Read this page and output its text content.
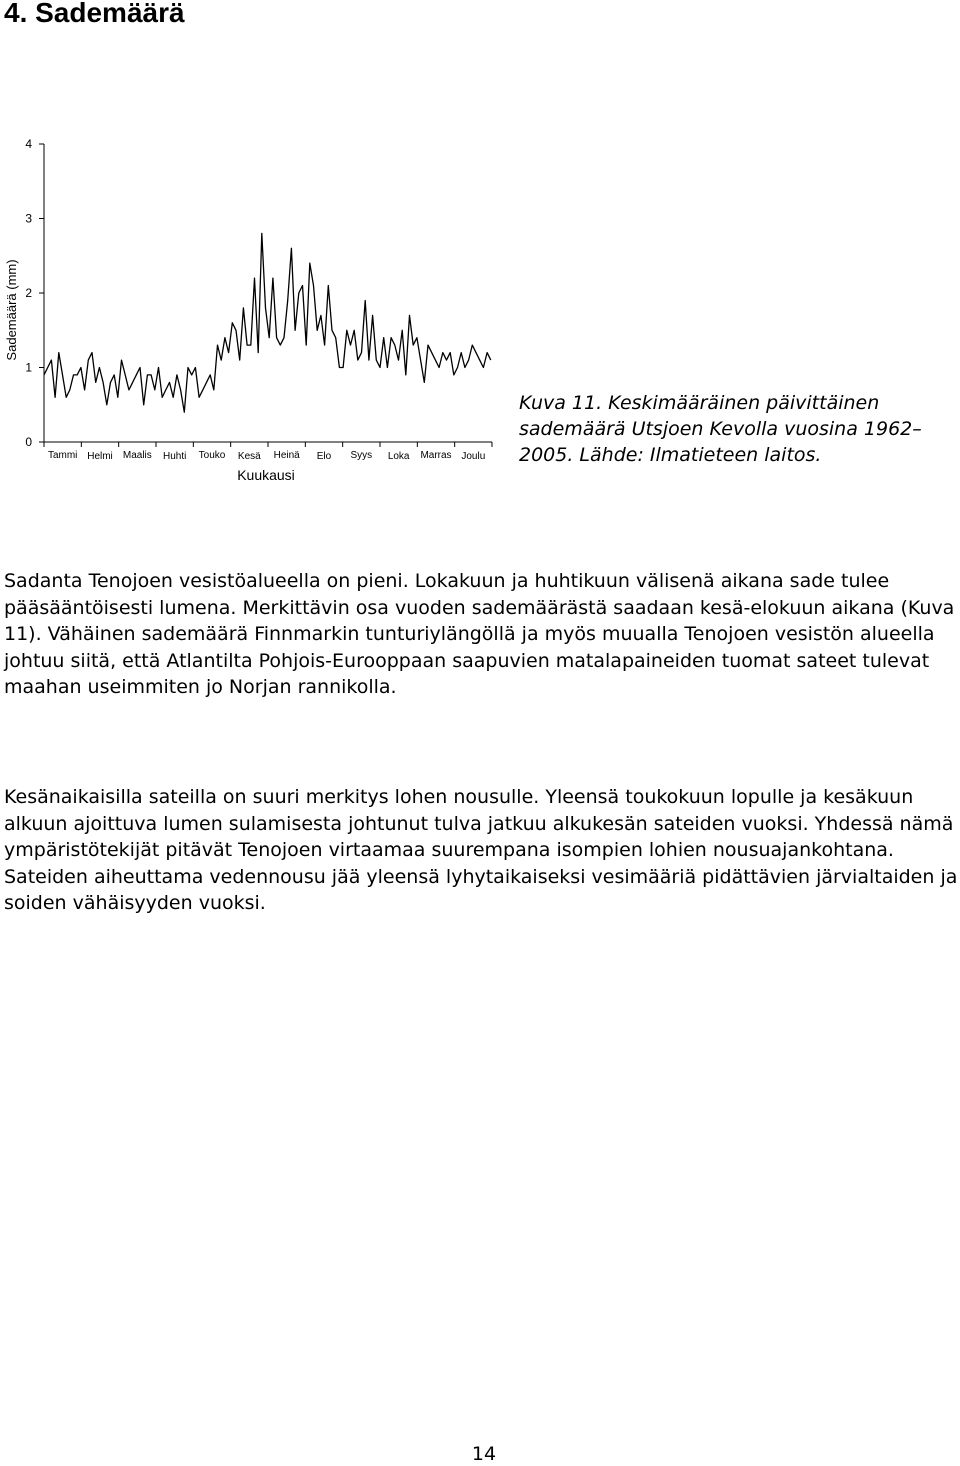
4. Sademäärä
Sademäärä (mm)
Kuukausi
0
1
2
3
4
Tammi Helmi Maalis Huhti Touko Kesä Heinä Elo Syys Loka Marras Joulu

Kuva 11. Keskimääräinen päivittäinen sademäärä Utsjoen Kevolla vuosina 1962–2005. Lähde: Ilmatieteen laitos.

Sadanta Tenojoen vesistöalueella on pieni. Lokakuun ja huhtikuun välisenä aikana sade tulee pääsääntöisesti lumena. Merkittävin osa vuoden sademäärästä saadaan kesä-elokuun aikana (Kuva 11). Vähäinen sademäärä Finnmarkin tunturiylängöllä ja myös muualla Tenojoen vesistön alueella johtuu siitä, että Atlantilta Pohjois-Eurooppaan saapuvien matalapaineiden tuomat sateet tulevat maahan useimmiten jo Norjan rannikolla.

Kesänaikaisilla sateilla on suuri merkitys lohen nousulle. Yleensä toukokuun lopulle ja kesäkuun alkuun ajoittuva lumen sulamisesta johtunut tulva jatkuu alkukesän sateiden vuoksi. Yhdessä nämä ympäristötekijät pitävät Tenojoen virtaamaa suurempana isompien lohien nousuajankohtana. Sateiden aiheuttama vedennousu jää yleensä lyhytaikaiseksi vesimääriä pidättävien järvialtaiden ja soiden vähäisyyden vuoksi.

14
